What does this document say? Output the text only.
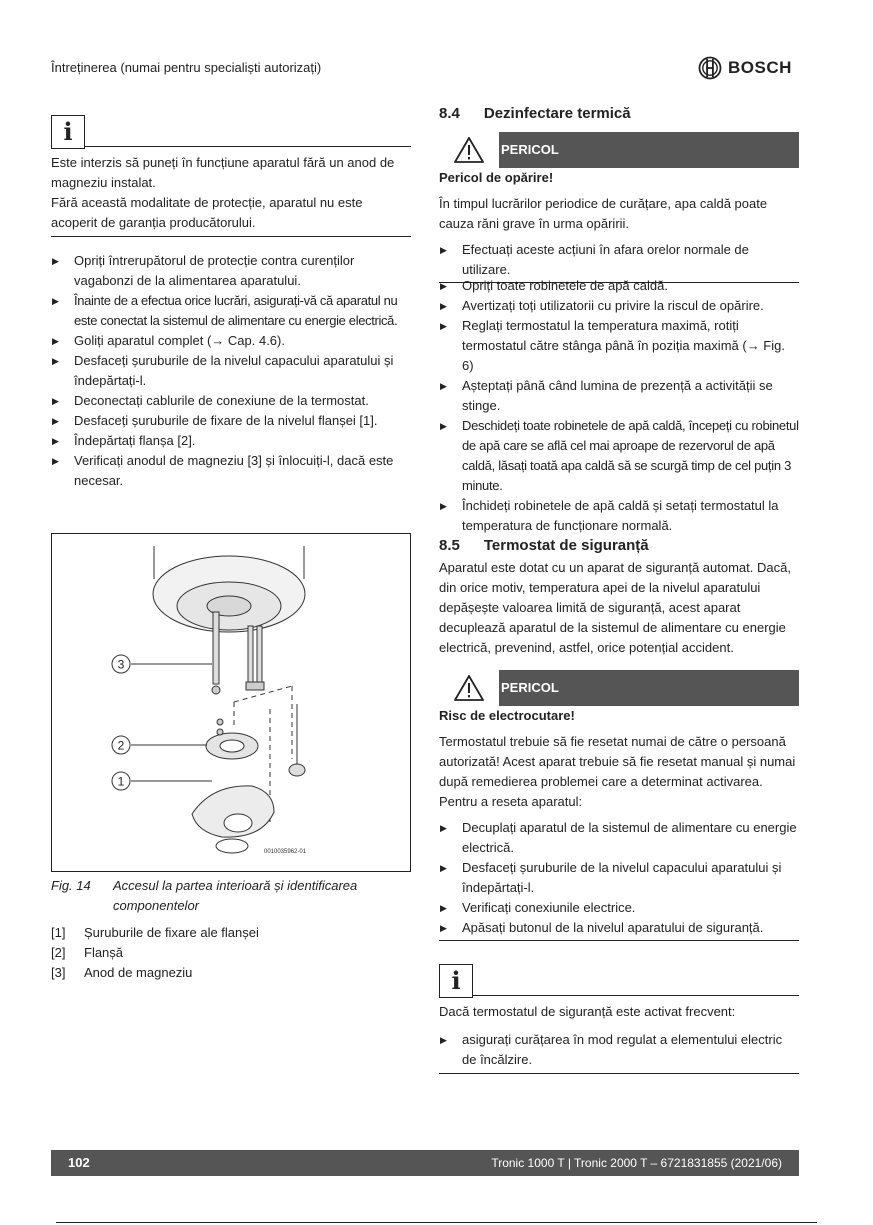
Întreținerea (numai pentru specialiști autorizați)	BOSCH
i

Este interzis să puneți în funcțiune aparatul fără un anod de magneziu instalat.

Fără această modalitate de protecție, aparatul nu este acoperit de garanția producătorului.

▶ Opriți întrerupătorul de protecție contra curenților vagabonzi de la alimentarea aparatului.
▶ Înainte de a efectua orice lucrări, asigurați-vă că aparatul nu este conectat la sistemul de alimentare cu energie electrică.
▶ Goliți aparatul complet (→ Cap. 4.6).
▶ Desfaceți șuruburile de la nivelul capacului aparatului și îndepărtați-l.
▶ Deconectați cablurile de conexiune de la termostat.
▶ Desfaceți șuruburile de fixare de la nivelul flanșei [1].
▶ Îndepărtați flanșa [2].
▶ Verificați anodul de magneziu [3] și înlocuiți-l, dacă este necesar.
3
2
1
0010035962-01
Fig. 14	Accesul la partea interioară și identificarea componentelor
[1]	Șuruburile de fixare ale flanșei
[2]	Flanșă
[3]	Anod de magneziu
8.4 Dezinfectare termică
PERICOL

Pericol de opărire!

În timpul lucrărilor periodice de curățare, apa caldă poate cauza răni grave în urma opăririi.

▶ Efectuați aceste acțiuni în afara orelor normale de utilizare.
▶ Opriți toate robinetele de apă caldă.
▶ Avertizați toți utilizatorii cu privire la riscul de opărire.
▶ Reglați termostatul la temperatura maximă, rotiți termostatul către stânga până în poziția maximă (→ Fig. 6)
▶ Așteptați până când lumina de prezență a activității se stinge.
▶ Deschideți toate robinetele de apă caldă, începeți cu robinetul de apă care se află cel mai aproape de rezervorul de apă caldă, lăsați toată apa caldă să se scurgă timp de cel puțin 3 minute.
▶ Închideți robinetele de apă caldă și setați termostatul la temperatura de funcționare normală.
8.5 Termostat de siguranță

Aparatul este dotat cu un aparat de siguranță automat. Dacă, din orice motiv, temperatura apei de la nivelul aparatului depășește valoarea limită de siguranță, acest aparat decuplează aparatul de la sistemul de alimentare cu energie electrică, prevenind, astfel, orice potențial accident.

PERICOL

Risc de electrocutare!

Termostatul trebuie să fie resetat numai de către o persoană autorizată! Acest aparat trebuie să fie resetat manual și numai după remedierea problemei care a determinat activarea.

Pentru a reseta aparatul:

▶ Decuplați aparatul de la sistemul de alimentare cu energie electrică.
▶ Desfaceți șuruburile de la nivelul capacului aparatului și îndepărtați-l.
▶ Verificați conexiunile electrice.
▶ Apăsați butonul de la nivelul aparatului de siguranță.
i

Dacă termostatul de siguranță este activat frecvent:

▶ asigurați curățarea în mod regulat a elementului electric de încălzire.
102	Tronic 1000 T | Tronic 2000 T – 6721831855 (2021/06)
